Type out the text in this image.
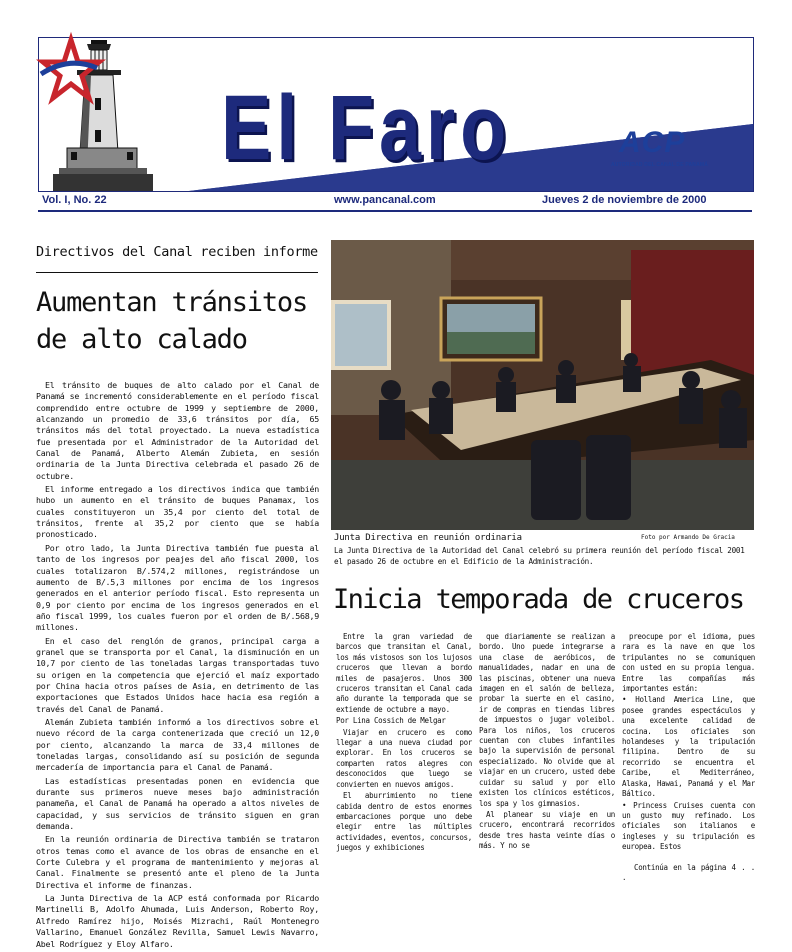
El Faro	ACP
AUTORIDAD DEL CANAL DE PANAMÁ
Vol. I, No. 22	www.pancanal.com	Jueves 2 de noviembre de 2000
Directivos del Canal reciben informe
Aumentan tránsitos de alto calado

El tránsito de buques de alto calado por el Canal de Panamá se incrementó considerablemente en el período fiscal comprendido entre octubre de 1999 y septiembre de 2000, alcanzando un promedio de 33,6 tránsitos por día, 65 tránsitos más del total proyectado. La nueva estadística fue presentada por el Administrador de la Autoridad del Canal de Panamá, Alberto Alemán Zubieta, en sesión ordinaria de la Junta Directiva celebrada el pasado 26 de octubre.

El informe entregado a los directivos indica que también hubo un aumento en el tránsito de buques Panamax, los cuales constituyeron un 35,4 por ciento del total de tránsitos, frente al 35,2 por ciento que se había pronosticado.

Por otro lado, la Junta Directiva también fue puesta al tanto de los ingresos por peajes del año fiscal 2000, los cuales totalizaron B/.574,2 millones, registrándose un aumento de B/.5,3 millones por encima de los ingresos generados en el anterior período fiscal. Esto representa un 0,9 por ciento por encima de los ingresos generados en el año fiscal 1999, los cuales fueron por el orden de B/.568,9 millones.

En el caso del renglón de granos, principal carga a granel que se transporta por el Canal, la disminución en un 10,7 por ciento de las toneladas largas transportadas tuvo su origen en la competencia que ejerció el maíz exportado por China hacia otros países de Asia, en detrimento de las exportaciones que Estados Unidos hace hacia esa región a través del Canal de Panamá.

Alemán Zubieta también informó a los directivos sobre el nuevo récord de la carga contenerizada que creció un 12,0 por ciento, alcanzando la marca de 33,4 millones de toneladas largas, consolidando así su posición de segunda mercadería de importancia para el Canal de Panamá.

Las estadísticas presentadas ponen en evidencia que durante sus primeros nueve meses bajo administración panameña, el Canal de Panamá ha operado a altos niveles de capacidad, y sus servicios de tránsito siguen en gran demanda.

En la reunión ordinaria de Directiva también se trataron otros temas como el avance de los obras de ensanche en el Corte Culebra y el programa de mantenimiento y mejoras al Canal. Finalmente se presentó ante el pleno de la Junta Directiva el informe de finanzas.

La Junta Directiva de la ACP está conformada por Ricardo Martinelli B, Adolfo Ahumada, Luis Anderson, Roberto Roy, Alfredo Ramírez hijo, Moisés Mizrachi, Raúl Montenegro Vallarino, Emanuel González Revilla, Samuel Lewis Navarro, Abel Rodríguez y Eloy Alfaro.

Junta Directiva en reunión ordinaria	Foto por Armando De Gracia
La Junta Directiva de la Autoridad del Canal celebró su primera reunión del período fiscal 2001 el pasado 26 de octubre en el Edificio de la Administración.
Inicia temporada de cruceros

Entre la gran variedad de barcos que transitan el Canal, los más vistosos son los lujosos cruceros que llevan a bordo miles de pasajeros. Unos 300 cruceros transitan el Canal cada año durante la temporada que se extiende de octubre a mayo.

Por Lina Cossich de Melgar

Viajar en crucero es como llegar a una nueva ciudad por explorar. En los cruceros se comparten ratos alegres con desconocidos que luego se convierten en nuevos amigos.

El aburrimiento no tiene cabida dentro de estos enormes embarcaciones porque uno debe elegir entre las múltiples actividades, eventos, concursos, juegos y exhibiciones

que diariamente se realizan a bordo. Uno puede integrarse a una clase de aeróbicos, de manualidades, nadar en una de las piscinas, obtener una nueva imagen en el salón de belleza, probar la suerte en el casino, ir de compras en tiendas libres de impuestos o jugar voleibol. Para los niños, los cruceros cuentan con clubes infantiles bajo la supervisión de personal especializado. No olvide que al viajar en un crucero, usted debe cuidar su salud y por ello existen los clínicos estéticos, los spa y los gimnasios.

Al planear su viaje en un crucero, encontrará recorridos desde tres hasta veinte días o más. Y no se

preocupe por el idioma, pues rara es la nave en que los tripulantes no se comuniquen con usted en su propia lengua. Entre las compañías más importantes están:

• Holland America Line, que posee grandes espectáculos y una excelente calidad de cocina. Los oficiales son holandeses y la tripulación filipina. Dentro de su recorrido se encuentra el Caribe, el Mediterráneo, Alaska, Hawai, Panamá y el Mar Báltico.

• Princess Cruises cuenta con un gusto muy refinado. Los oficiales son italianos e ingleses y su tripulación es europea. Estos

Continúa en la página 4 . . .
